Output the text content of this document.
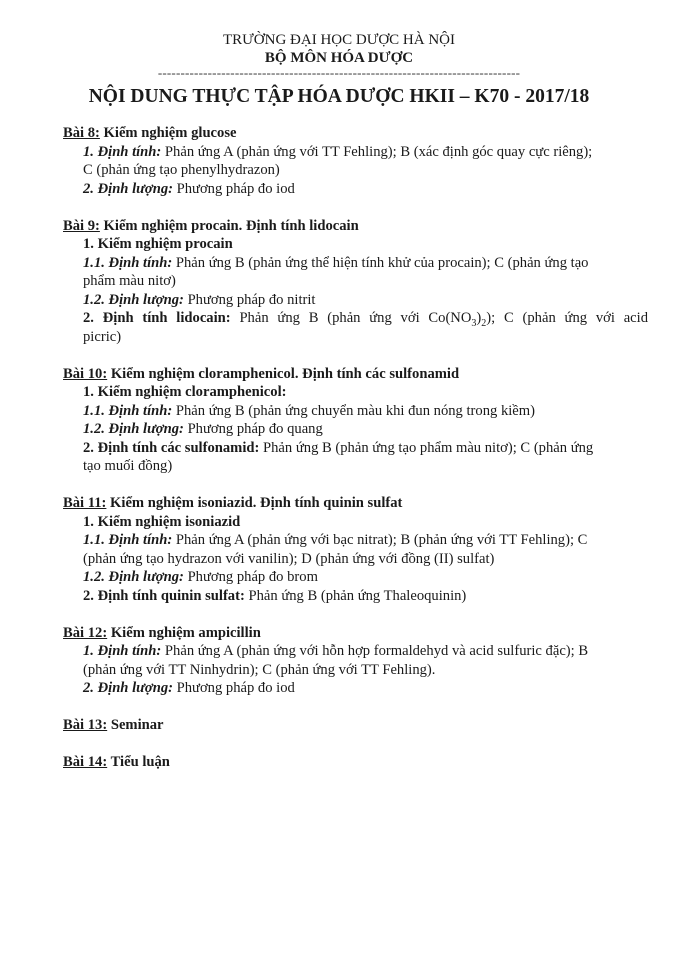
TRƯỜNG ĐẠI HỌC DƯỢC HÀ NỘI
BỘ MÔN HÓA DƯỢC
--------------------------------------------------------------------------------
NỘI DUNG THỰC TẬP HÓA DƯỢC HKII – K70 - 2017/18
Bài 8: Kiểm nghiệm glucose
1. Định tính: Phản ứng A (phản ứng với TT Fehling); B (xác định góc quay cực riêng);
C (phản ứng tạo phenylhydrazon)
2. Định lượng: Phương pháp đo iod
Bài 9: Kiểm nghiệm procain. Định tính lidocain
1. Kiểm nghiệm procain
1.1. Định tính: Phản ứng B (phản ứng thể hiện tính khử của procain); C (phản ứng tạo
phẩm màu nitơ)
1.2. Định lượng: Phương pháp đo nitrit
2. Định tính lidocain: Phản ứng B (phản ứng với $Co(NO_3)_2$); C (phản ứng với acid
picric)
Bài 10: Kiểm nghiệm cloramphenicol. Định tính các sulfonamid
1. Kiểm nghiệm cloramphenicol:
1.1. Định tính: Phản ứng B (phản ứng chuyển màu khi đun nóng trong kiềm)
1.2. Định lượng: Phương pháp đo quang
2. Định tính các sulfonamid: Phản ứng B (phản ứng tạo phẩm màu nitơ); C (phản ứng
tạo muối đồng)
Bài 11: Kiểm nghiệm isoniazid. Định tính quinin sulfat
1. Kiểm nghiệm isoniazid
1.1. Định tính: Phản ứng A (phản ứng với bạc nitrat); B (phản ứng với TT Fehling); C
(phản ứng tạo hydrazon với vanilin); D (phản ứng với đồng (II) sulfat)
1.2. Định lượng: Phương pháp đo brom
2. Định tính quinin sulfat: Phản ứng B (phản ứng Thaleoquinin)
Bài 12: Kiểm nghiệm ampicillin
1. Định tính: Phản ứng A (phản ứng với hỗn hợp formaldehyd và acid sulfuric đặc); B
(phản ứng với TT Ninhydrin); C (phản ứng với TT Fehling).
2. Định lượng: Phương pháp đo iod
Bài 13: Seminar
Bài 14: Tiểu luận
